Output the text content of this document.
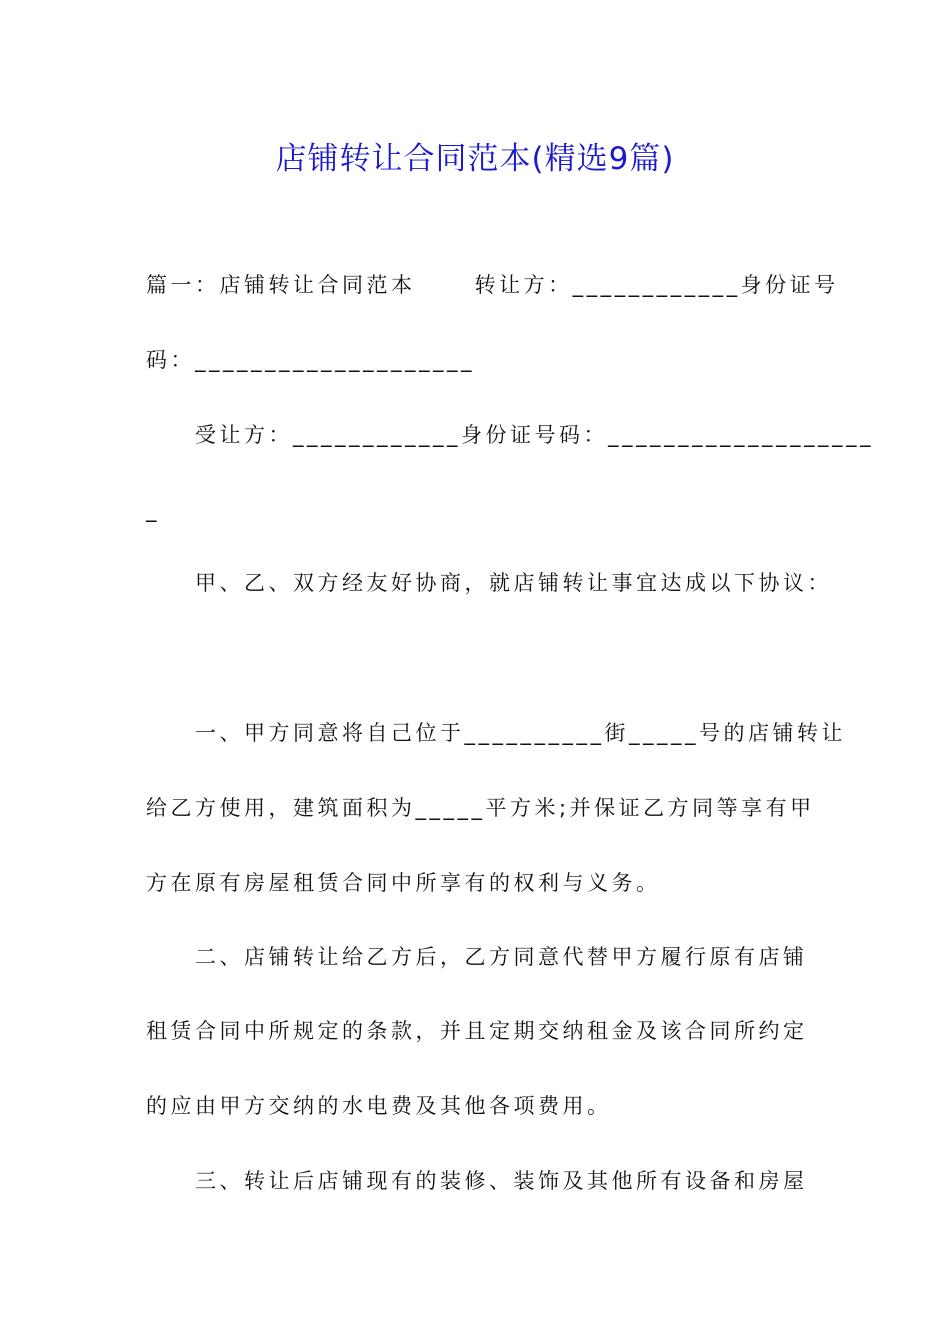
店铺转让合同范本(精选9篇)
篇一：店铺转让合同范本　　 转让方：____________身份证号
码：____________________
受让方：____________身份证号码：___________________
_
甲、乙、双方经友好协商，就店铺转让事宜达成以下协议：
一、甲方同意将自己位于__________街_____号的店铺转让
给乙方使用，建筑面积为_____平方米;并保证乙方同等享有甲
方在原有房屋租赁合同中所享有的权利与义务。
二、店铺转让给乙方后，乙方同意代替甲方履行原有店铺
租赁合同中所规定的条款，并且定期交纳租金及该合同所约定
的应由甲方交纳的水电费及其他各项费用。
三、转让后店铺现有的装修、装饰及其他所有设备和房屋
